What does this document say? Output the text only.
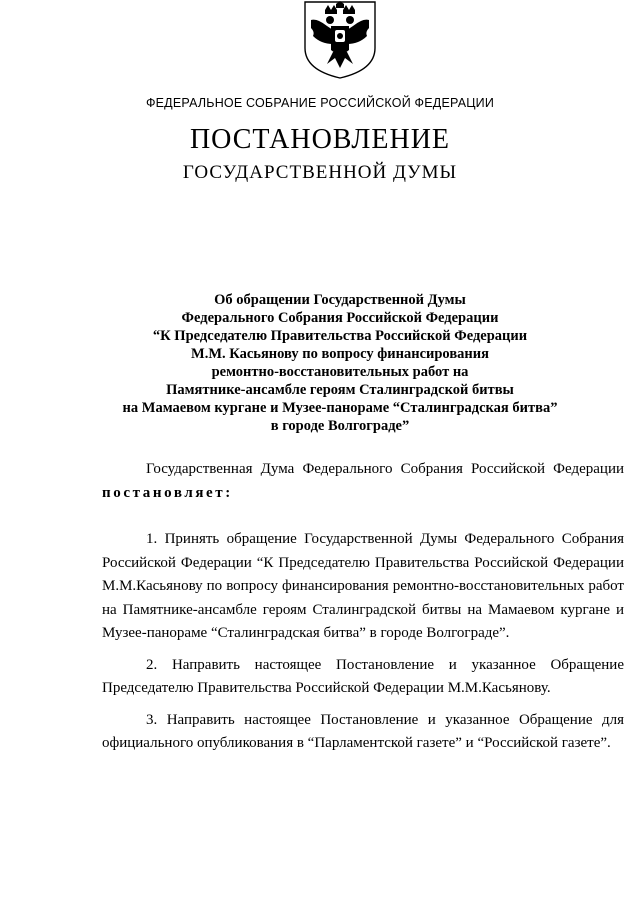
ФЕДЕРАЛЬНОЕ СОБРАНИЕ РОССИЙСКОЙ ФЕДЕРАЦИИ
ПОСТАНОВЛЕНИЕ
ГОСУДАРСТВЕННОЙ ДУМЫ
Об обращении Государственной Думы
Федерального Собрания Российской Федерации
“К Председателю Правительства Российской Федерации
М.М. Касьянову по вопросу финансирования
ремонтно-восстановительных работ на
Памятнике-ансамбле героям Сталинградской битвы
на Мамаевом кургане и Музее-панораме “Сталинградская битва”
в городе Волгограде”

Государственная Дума Федерального Собрания Российской Федерации постановляет:

1. Принять обращение Государственной Думы Федерального Собрания Российской Федерации “К Председателю Правительства Российской Федерации М.М.Касьянову по вопросу финансирования ремонтно-восстановительных работ на Памятнике-ансамбле героям Сталинградской битвы на Мамаевом кургане и Музее-панораме “Сталинградская битва” в городе Волгограде”.

2. Направить настоящее Постановление и указанное Обращение Председателю Правительства Российской Федерации М.М.Касьянову.

3. Направить настоящее Постановление и указанное Обращение для официального опубликования в “Парламентской газете” и “Российской газете”.
